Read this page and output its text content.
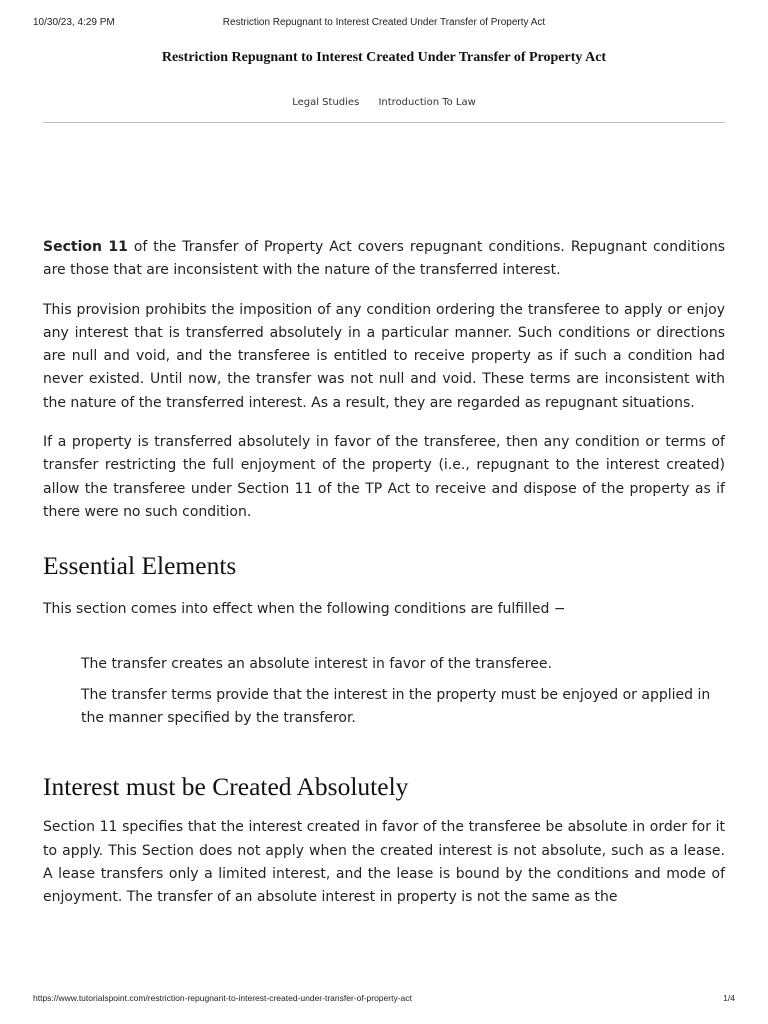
10/30/23, 4:29 PM	Restriction Repugnant to Interest Created Under Transfer of Property Act
Restriction Repugnant to Interest Created Under Transfer of Property Act
Legal Studies Introduction To Law

Section 11 of the Transfer of Property Act covers repugnant conditions. Repugnant conditions are those that are inconsistent with the nature of the transferred interest.

This provision prohibits the imposition of any condition ordering the transferee to apply or enjoy any interest that is transferred absolutely in a particular manner. Such conditions or directions are null and void, and the transferee is entitled to receive property as if such a condition had never existed. Until now, the transfer was not null and void. These terms are inconsistent with the nature of the transferred interest. As a result, they are regarded as repugnant situations.

If a property is transferred absolutely in favor of the transferee, then any condition or terms of transfer restricting the full enjoyment of the property (i.e., repugnant to the interest created) allow the transferee under Section 11 of the TP Act to receive and dispose of the property as if there were no such condition.

Essential Elements

This section comes into effect when the following conditions are fulfilled −

The transfer creates an absolute interest in favor of the transferee.
The transfer terms provide that the interest in the property must be enjoyed or applied in the manner specified by the transferor.
Interest must be Created Absolutely

Section 11 specifies that the interest created in favor of the transferee be absolute in order for it to apply. This Section does not apply when the created interest is not absolute, such as a lease. A lease transfers only a limited interest, and the lease is bound by the conditions and mode of enjoyment. The transfer of an absolute interest in property is not the same as the

https://www.tutorialspoint.com/restriction-repugnant-to-interest-created-under-transfer-of-property-act	1/4
